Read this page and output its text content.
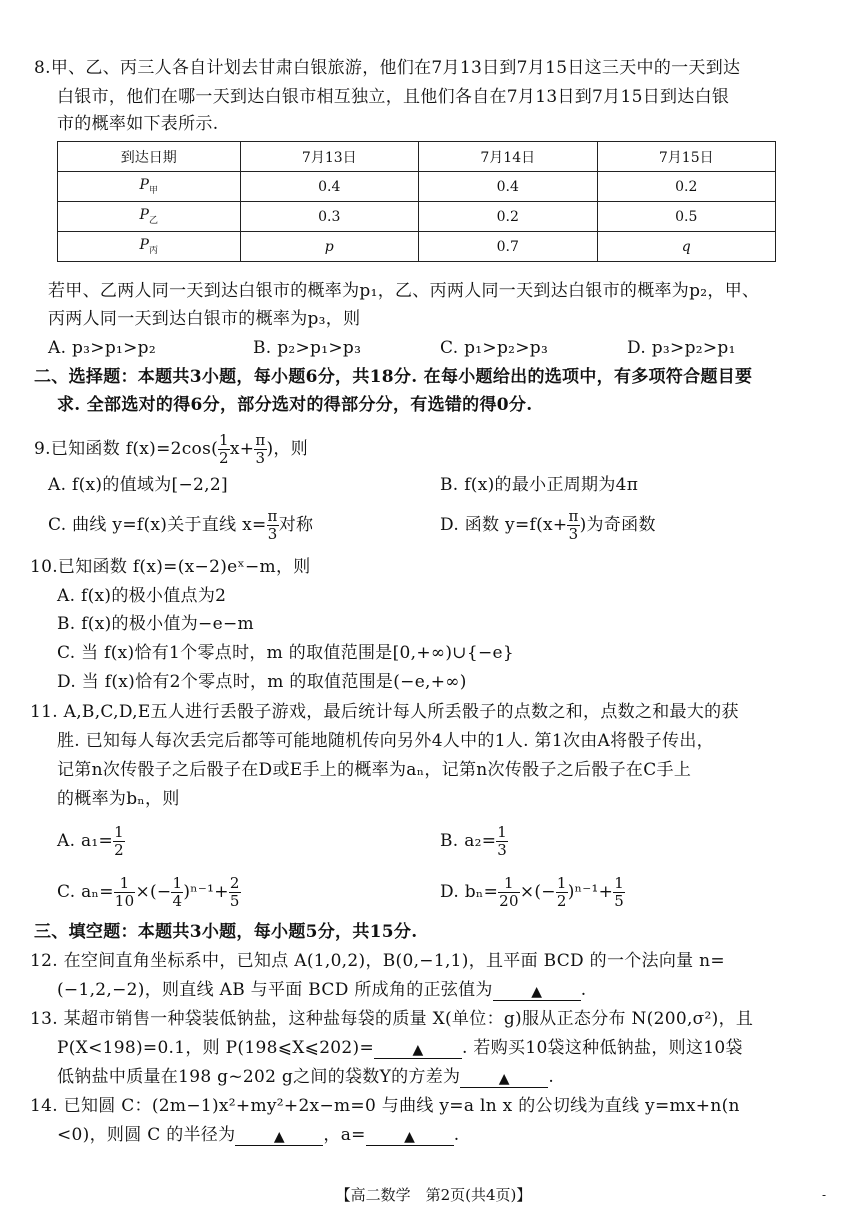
8.甲、乙、丙三人各自计划去甘肃白银旅游，他们在7月13日到7月15日这三天中的一天到达
白银市，他们在哪一天到达白银市相互独立，且他们各自在7月13日到7月15日到达白银
市的概率如下表所示.
到达日期	7月13日	7月14日	7月15日
$P_甲$	0.4	0.4	0.2
$P_乙$	0.3	0.2	0.5
$P_丙$	p	0.7	q
若甲、乙两人同一天到达白银市的概率为p₁，乙、丙两人同一天到达白银市的概率为p₂，甲、
丙两人同一天到达白银市的概率为p₃，则
A. p₃>p₁>p₂	B. p₂>p₁>p₃	C. p₁>p₂>p₃	D. p₃>p₂>p₁
二、选择题：本题共3小题，每小题6分，共18分. 在每小题给出的选项中，有多项符合题目要
求. 全部选对的得6分，部分选对的得部分分，有选错的得0分.
9.已知函数 $f(x)=2\cos( \frac{1}{2} x+ \frac{\pi}{3}$ )，则
A. f(x)的值域为[−2,2]	B. f(x)的最小正周期为4π
C. 曲线 y=f(x)关于直线 $x= \frac{\pi}{3}$ 对称	D. 函数 $y=f(x+ \frac{\pi}{3}$ )为奇函数
10.已知函数 f(x)=(x−2)eˣ−m，则
A. f(x)的极小值点为2
B. f(x)的极小值为−e−m
C. 当 f(x)恰有1个零点时，m 的取值范围是[0,+∞)∪{−e}
D. 当 f(x)恰有2个零点时，m 的取值范围是(−e,+∞)
11. A,B,C,D,E五人进行丢骰子游戏，最后统计每人所丢骰子的点数之和，点数之和最大的获
胜. 已知每人每次丢完后都等可能地随机传向另外4人中的1人. 第1次由A将骰子传出，
记第n次传骰子之后骰子在D或E手上的概率为aₙ，记第n次传骰子之后骰子在C手上
的概率为bₙ，则
A. $a_1= \frac{1}{2}$	B. $a_2= \frac{1}{3}$
C. $a_n= \frac{1}{10}$ ×(− $\frac{1}{4} )^{n-1}+ \frac{2}{5}$	D. $b_n= \frac{1}{20}$ ×(− $\frac{1}{2} )^{n-1}+ \frac{1}{5}$
三、填空题：本题共3小题，每小题5分，共15分.
12. 在空间直角坐标系中，已知点 A(1,0,2)，B(0,−1,1)，且平面 BCD 的一个法向量 n=
(−1,2,−2)，则直线 AB 与平面 BCD 所成角的正弦值为	▲ .
13. 某超市销售一种袋装低钠盐，这种盐每袋的质量 X(单位：g)服从正态分布 N(200,σ²)，且
P(X<198)=0.1，则 P(198⩽X⩽202)=	▲ . 若购买10袋这种低钠盐，则这10袋
低钠盐中质量在198 g~202 g之间的袋数Y的方差为	▲ .
14. 已知圆 C：(2m−1)x²+my²+2x−m=0 与曲线 y=a ln x 的公切线为直线 y=mx+n(n
<0)，则圆 C 的半径为	▲ ，a=	▲ .
【高二数学　第2页(共4页)】	-
